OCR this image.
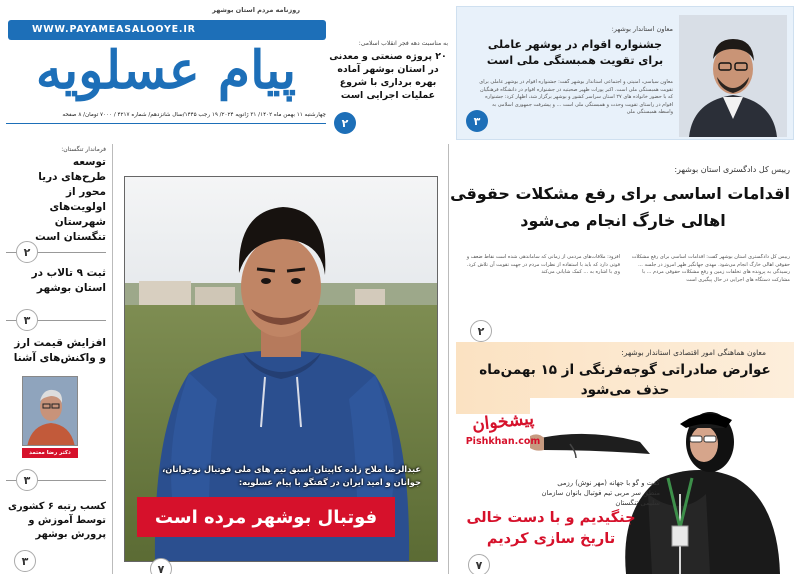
روزنامه مردم استان بوشهر
WWW.PAYAMEASALOOYE.IR
پیام عسلویه
چهارشنبه ۱۱ بهمن ماه ۱۴۰۲/ ۳۱ ژانویه ۲۰۲۴/ ۱۹ رجب ۱۴۴۵/سال شانزدهم/ شماره ۴۲۱۷ / ۷۰۰۰ تومان/ ۸ صفحه
به مناسبت دهه فجر انقلاب اسلامی:
۲۰ پروژه صنعتی و معدنی در استان بوشهر آماده بهره برداری با شروع عملیات اجرایی است
۲
معاون استاندار بوشهر:
جشنواره اقوام در بوشهر عاملی برای تقویت همبستگی ملی است
معاون سیاسی، امنیتی و اجتماعی استاندار بوشهر گفت: جشنواره اقوام در بوشهر عاملی برای تقویت همبستگی ملی است. اکبر پورات ظهیر صحبتیه در جشنواره اقوام در دانشگاه فرهنگیان که با حضور خانواده های ۲۷ استان سراسر کشور و بوشهر برگزار شد، اظهار کرد: جشنواره اقوام در راستای تقویت وحدت و همبستگی ملی است ... و پیشرفت جمهوری اسلامی به واسطه همبستگی ملی
۳
فرماندار تنگستان:
توسعه طرح‌های دریا محور از اولویت‌های شهرستان تنگستان است
۲
ثبت ۹ تالاب در استان بوشهر
۳
افزایش قیمت ارز و واکنش‌های آشنا
دکتر رضا معتمد
۳
کسب رتبه ۶ کشوری توسط آموزش و پرورش بوشهر
۳
عبدالرضا ملاح زاده کاپیتان اسبق تیم های ملی فوتبال نوجوانان،
جوانان و امید ایران در گفتگو با پیام عسلویه:
فوتبال بوشهر مرده است
۷
رییس کل دادگستری استان بوشهر:
اقدامات اساسی برای رفع مشکلات حقوقی
اهالی خارگ انجام می‌شود
رییس کل دادگستری استان بوشهر گفت: اقدامات اساسی برای رفع مشکلات حقوقی اهالی خارگ انجام می‌شود. مهدی جهانگیر ظهر امروز در جلسه ... رسیدگی به پرونده های تخلفات زمین و رفع مشکلات حقوقی مردم ... با مشارکت دستگاه های اجرایی در حال پیگیری است
افزود: ملاقات‌های مردمی از زمانی که ساماندهی شده است نقاط ضعف و قوتی دارد که باید با استفاده از نظرات مردم در جهت تقویت آن تلاش کرد. وی با اشاره به ... کمک شایانی می‌کند
۲
معاون هماهنگی امور اقتصادی استاندار بوشهر:
عوارض صادراتی گوجه‌فرنگی از ۱۵ بهمن‌ماه
حذف می‌شود
پیشخوان
Pishkhan.com
گفت و گو با جهانه (مهر نوش) رزمی منطق سر مربی تیم فوتبال بانوان سازمان سلیمی تنگستان
جنگیدیم و با دست خالی
تاریخ سازی کردیم
۷
